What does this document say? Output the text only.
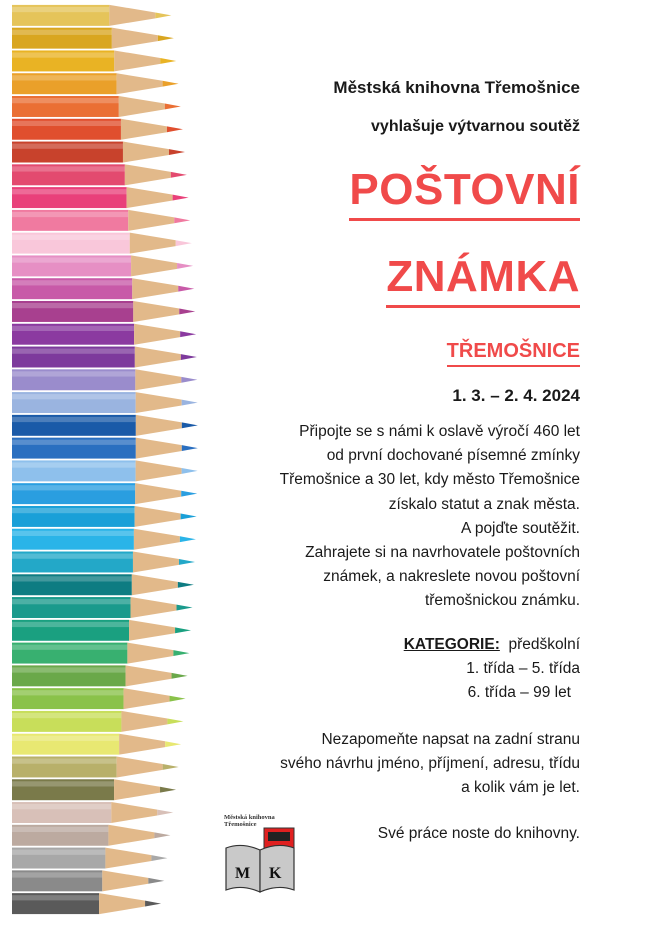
Městská knihovna Třemošnice
vyhlašuje výtvarnou soutěž
POŠTOVNÍ
ZNÁMKA
TŘEMOŠNICE
1. 3. – 2. 4. 2024
Připojte se s námi k oslavě výročí 460 let
od první dochované písemné zmínky
Třemošnice a 30 let, kdy město Třemošnice
získalo statut a znak města.
A pojďte soutěžit.
Zahrajete si na navrhovatele poštovních
známek, a nakreslete novou poštovní
třemošnickou známku.
KATEGORIE: předškolní
1. třída – 5. třída
6. třída – 99 let
Nezapomeňte napsat na zadní stranu
svého návrhu jméno, příjmení, adresu, třídu
a kolik vám je let.
Své práce noste do knihovny.
Městská knihovna
Třemošnice
M K
